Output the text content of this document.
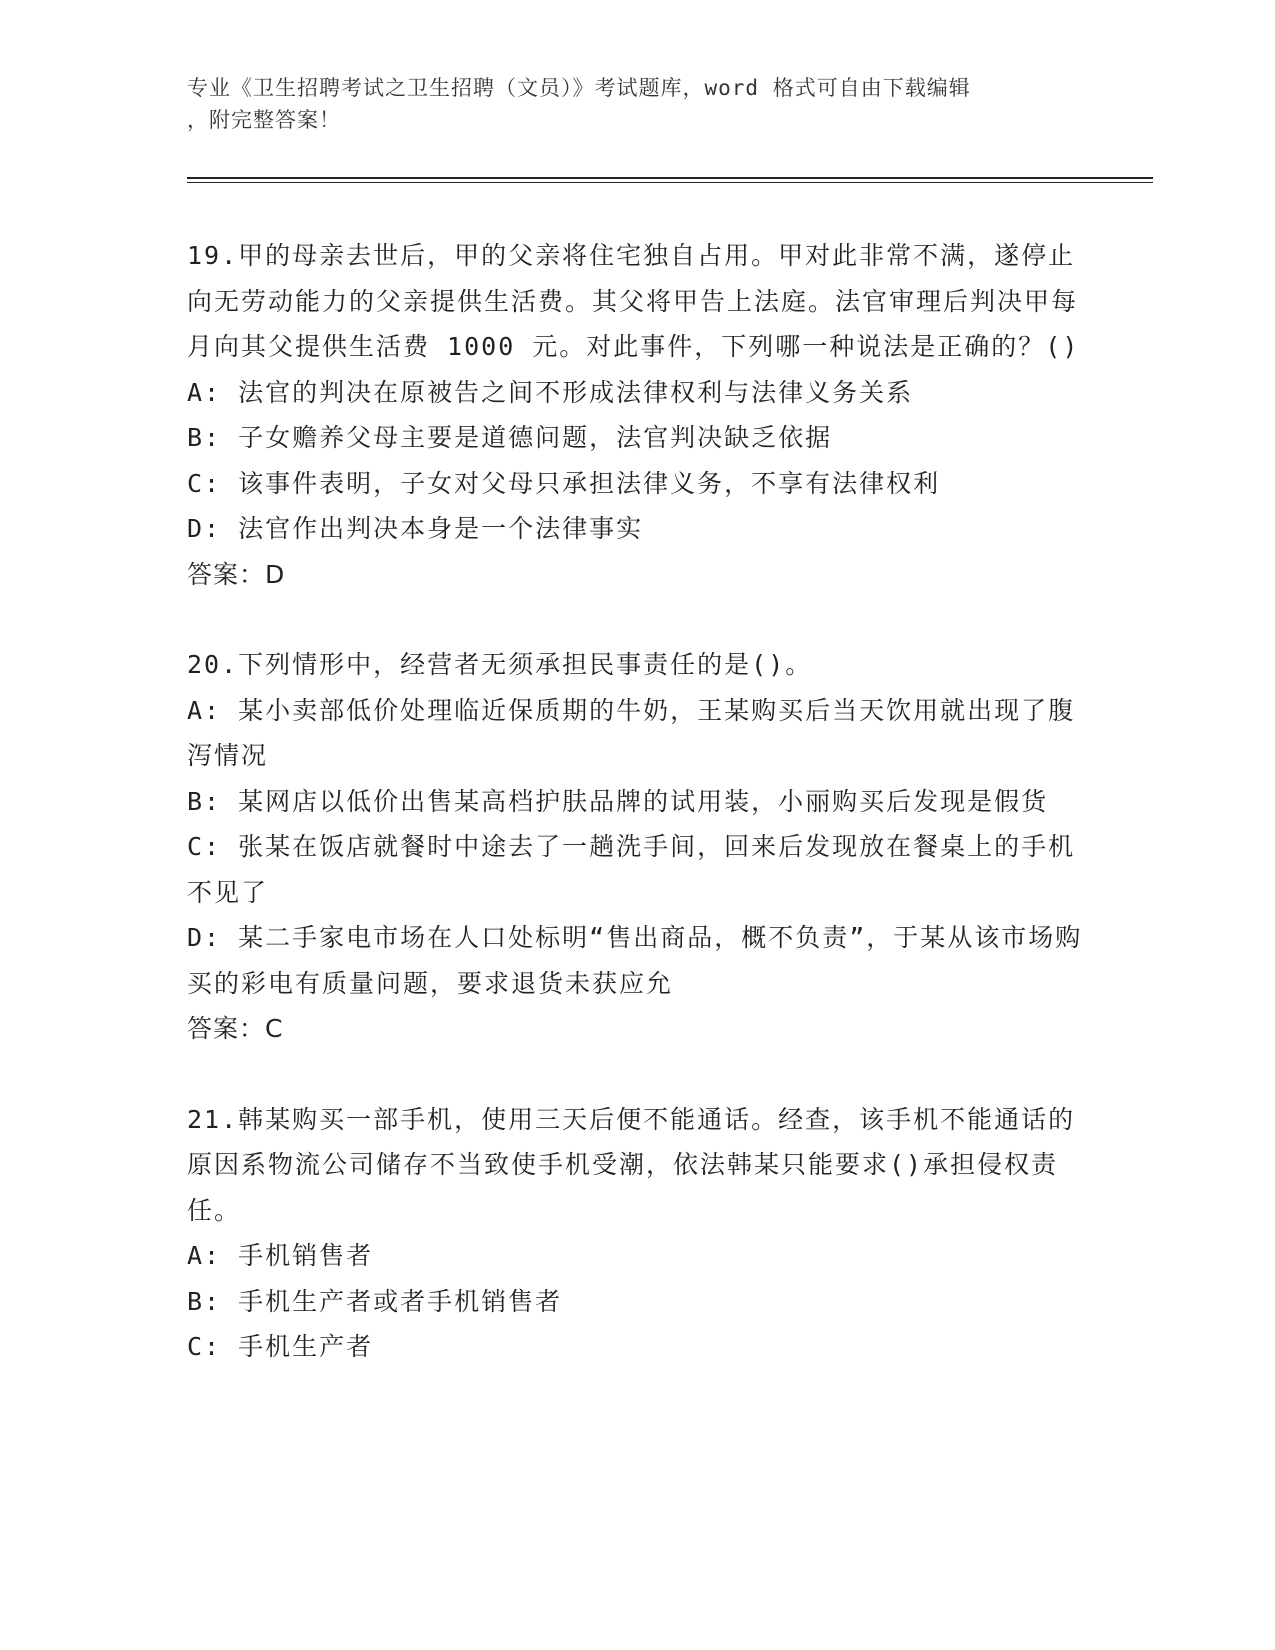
专业《卫生招聘考试之卫生招聘（文员）》考试题库，word 格式可自由下载编辑
，附完整答案！

19.甲的母亲去世后，甲的父亲将住宅独自占用。甲对此非常不满，遂停止向无劳动能力的父亲提供生活费。其父将甲告上法庭。法官审理后判决甲每月向其父提供生活费 1000 元。对此事件，下列哪一种说法是正确的？()

A: 法官的判决在原被告之间不形成法律权利与法律义务关系

B: 子女赡养父母主要是道德问题，法官判决缺乏依据

C: 该事件表明，子女对父母只承担法律义务，不享有法律权利

D: 法官作出判决本身是一个法律事实

答案：D

20.下列情形中，经营者无须承担民事责任的是()。

A: 某小卖部低价处理临近保质期的牛奶，王某购买后当天饮用就出现了腹泻情况

B: 某网店以低价出售某高档护肤品牌的试用装，小丽购买后发现是假货

C: 张某在饭店就餐时中途去了一趟洗手间，回来后发现放在餐桌上的手机不见了

D: 某二手家电市场在人口处标明“售出商品，概不负责”，于某从该市场购买的彩电有质量问题，要求退货未获应允

答案：C

21.韩某购买一部手机，使用三天后便不能通话。经查，该手机不能通话的原因系物流公司储存不当致使手机受潮，依法韩某只能要求()承担侵权责任。

A: 手机销售者

B: 手机生产者或者手机销售者

C: 手机生产者
